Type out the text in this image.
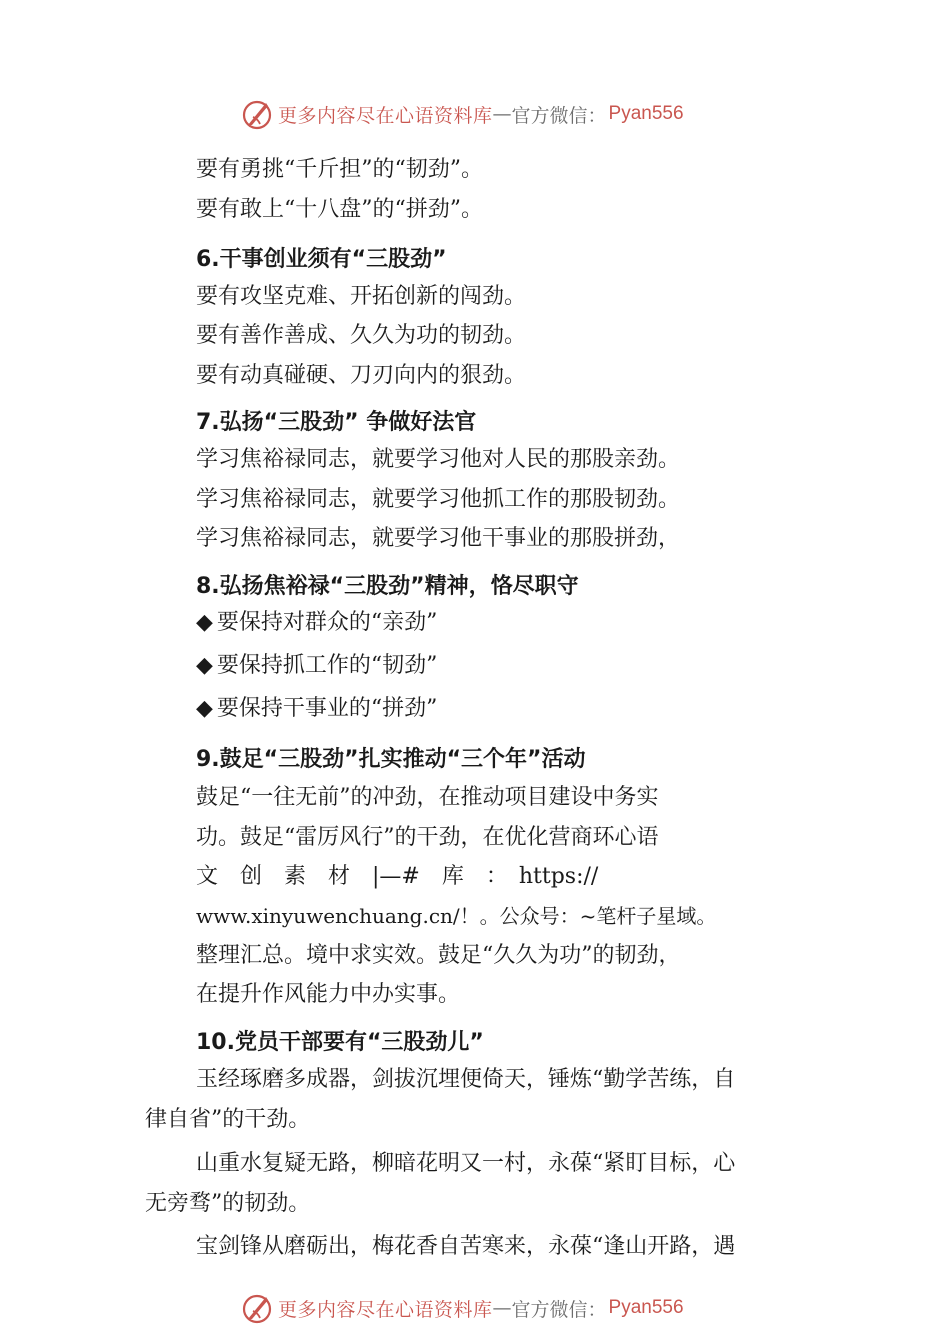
更多内容尽在心语资料库 — 官方微信： Pyan556
要有勇挑“千斤担”的“韧劲”。
要有敢上“十八盘”的“拼劲”。
6.干事创业须有“三股劲”
要有攻坚克难、开拓创新的闯劲。
要有善作善成、久久为功的韧劲。
要有动真碰硬、刀刃向内的狠劲。
7.弘扬“三股劲” 争做好法官
学习焦裕禄同志，就要学习他对人民的那股亲劲。
学习焦裕禄同志，就要学习他抓工作的那股韧劲。
学习焦裕禄同志，就要学习他干事业的那股拼劲，
8.弘扬焦裕禄“三股劲”精神，恪尽职守
◆ 要保持对群众的“亲劲”
◆ 要保持抓工作的“韧劲”
◆ 要保持干事业的“拼劲”
9.鼓足“三股劲”扎实推动“三个年”活动
鼓足“一往无前”的冲劲，在推动项目建设中务实
功。鼓足“雷厉风行”的干劲，在优化营商环心语
文　创　素　材　|—#　库　：　https://
www.xinyuwenchuang.cn/！。公众号：~笔杆子星域。
整理汇总。境中求实效。鼓足“久久为功”的韧劲，
在提升作风能力中办实事。
10.党员干部要有“三股劲儿”
玉经琢磨多成器，剑拔沉埋便倚天，锤炼“勤学苦练，自
律自省”的干劲。
山重水复疑无路，柳暗花明又一村，永葆“紧盯目标，心
无旁骛”的韧劲。
宝剑锋从磨砺出，梅花香自苦寒来，永葆“逢山开路，遇
更多内容尽在心语资料库 — 官方微信： Pyan556
